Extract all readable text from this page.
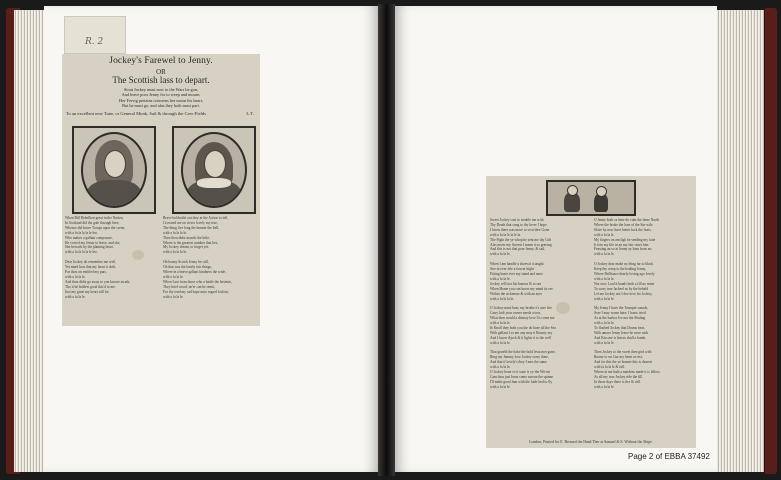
R. 2
Jockey's Farewel to Jenny.
OR
The Scottish lass to depart.
Stout Jockey must now to the Wars be gon,
And leave poor Jenny for to weep and mourn,
Her Fervig pretains concerns her moon his heart,
But he must go, and alas they both must part.
To an excellent new Tune, or General Monk, Sail & through the Cow-Fields	L.T.
When Bill Rebellion great in the Nation,
In Scotland did the gale through here;
Whence did brave Troups upon the scene,
with a fa la la la le leo.
Who makes a gallant composure,
He vowed my Jenny to leave, and she,
She bewails by the plaining heart,
with a fa la la la le leo.

Dear Jockey do remember me well,
Yet mind how that my heart it doth,
For thou art entitled my part,
with a fa la le.
And thou didst go away to yon knowe awath,
Tho it be boldest good this'd to me,
Just my great my heart will be,
with a fa la le.
Brave boldwitht out they at the Action to tell,
Crowned me on rivers lovely my true,
The thing live long the bonner the bell,
with a fa la la le.
Then thou didst mawkt the little,
Where is the greatest number that lies,
My Jockey dream, to forget yet,
with a fa la la le.

Oh bonny Scotch Jenny be still,
Oh that was the lonely fair things,
Where in a brave gallant kindness the wide,
with a fa la le.
When Lust from those who a battle the bestmie,
They brief wood, ne'er can be remit,
For thy tend my sad hope unto regard forlorn,
with a fa la le.
Sweet Jockey cast to trouble me with
Thy Death that song to thy lover I hope
I know there was more to visit thee Gone
with a fa la le la le la.
The Fight the ye whop he sent me thy Gift
Alas never my Sweets I mean it so graving
And this is not that pore Jenny, & sad,
with a fa la le.

When I am handle a shoeval it taught
Sire in ever fele a fouver hight
Fitting haste ever my stand and nave
with a fa la le.
Jockey will not his honour & to sea
When Home you can know my mind tis ere
Within the sicknesse & with an ayer
with a fa la la le.

O Jockey must bear, my brothe e's awe fire
Carry bolt your owner needs a tear,
What then would a dismay love Us come me
with a fa la le.
& Knoll they both you the do have all the Sea
With gallant I so am any may it Bounty my
And I know Ajock & it lights it to the well
with a fa la le.

That goneld the hoke the bold lesta met gone,
Ring my Jammy love Jockey sorry done,
And that if lovely's they I mes the same
with a fa la le.
O Jockey bone vs it sone is vy-the Wit-mi
Cam thou just boon come sueron the spinne
I'll make good Jam with the faidr bed to fly
with a fa la le.
O Jenny both ca time do vuln the farne North
Where the broke the lone of the Sin-wile
Slave by now have better luck the lions,
with a fa la le.
My fingers on am ligh be sending my faite
It foin my life in an my fair sister him
Feasting an so at Jenny ay Sam from aw
with a fa la le.

O Jockey dear make no leing far to black
Keep thy weep to the healing Jenny,
Where Brilliance dearly loving ago lovely
with a fa la le.
Nor now Lord it hands both a fill no mine
To sorry true Jackeel as by the beheld
Let me Jockey not I doe love for Jockey,
with a fa la le.

My Jenny I have the Trumpet sounds,
Sore I may warm faire, I bauw tried.
As at the harbor Ive not the Shaling
with a fa la le.
To flushed Jockey that Drums beat,
With amore Jenny leave he were with
And Kiss me is leaves shall a bomb.
with a fa la le.

Then Jockey to the sweet then gird with
Bonny to set Gur my heart at rest,
And for this the ye bonnie this is dearest
with fa la la le & fall.
Where at me hath a maidens made it is fellow,
As all my true Jockey ride the fill
In those days there is fire & will
with a fa la le.
London, Printed for E. Bernard the Hand Ther at Samuel & S. Without the Shipe.
Page 2 of EBBA 37492
